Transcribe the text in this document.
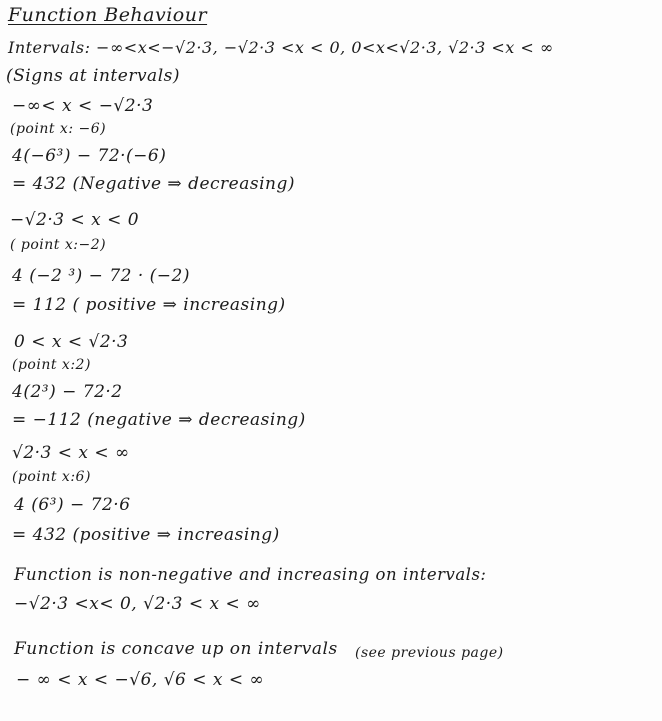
Function Behaviour
Intervals: −∞<x<−√2·3, −√2·3 <x < 0, 0<x<√2·3, √2·3 <x < ∞
(Signs at intervals)
−∞< x < −√2·3
(point x: −6)
4(−6³) − 72·(−6)
= 432 (Negative ⇒ decreasing)
−√2·3 < x < 0
( point x:−2)
4 (−2 ³) − 72 · (−2)
= 112 ( positive ⇒ increasing)
0 < x < √2·3
(point x:2)
4(2³) − 72·2
= −112 (negative ⇒ decreasing)
√2·3 < x < ∞
(point x:6)
4 (6³) − 72·6
= 432 (positive ⇒ increasing)
Function is non-negative and increasing on intervals:
−√2·3 <x< 0, √2·3 < x < ∞
Function is concave up on intervals (see previous page)
− ∞ < x < −√6, √6 < x < ∞
